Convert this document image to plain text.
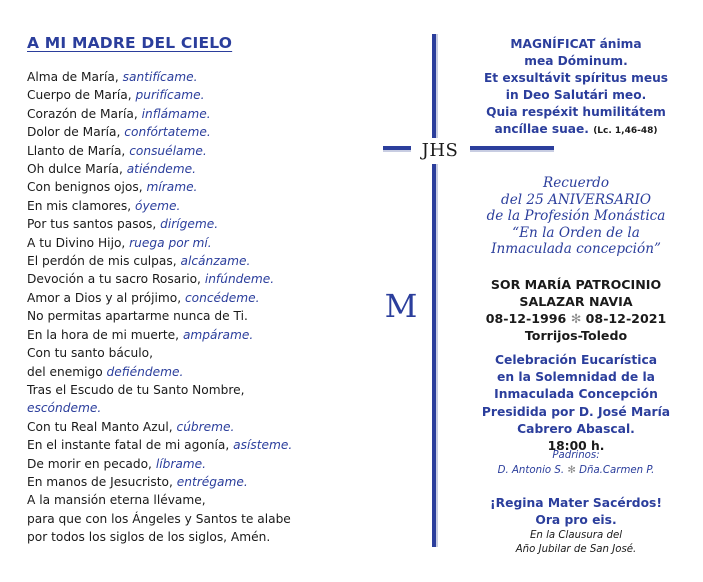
A MI MADRE DEL CIELO
Alma de María, santifícame.
Cuerpo de María, purifícame.
Corazón de María, inflámame.
Dolor de María, confórtateme.
Llanto de María, consuélame.
Oh dulce María, atiéndeme.
Con benignos ojos, mírame.
En mis clamores, óyeme.
Por tus santos pasos, dirígeme.
A tu Divino Hijo, ruega por mí.
El perdón de mis culpas, alcánzame.
Devoción a tu sacro Rosario, infúndeme.
Amor a Dios y al prójimo, concédeme.
No permitas apartarme nunca de Ti.
En la hora de mi muerte, ampárame.
Con tu santo báculo,
del enemigo defiéndeme.
Tras el Escudo de tu Santo Nombre,
escóndeme.
Con tu Real Manto Azul, cúbreme.
En el instante fatal de mi agonía, asísteme.
De morir en pecado, líbrame.
En manos de Jesucristo, entrégame.
A la mansión eterna llévame,
para que con los Ángeles y Santos te alabe
por todos los siglos de los siglos, Amén.
JHS
M
MAGNÍFICAT ánima
mea Dóminum.
Et exsultávit spíritus meus
in Deo Salutári meo.
Quia respéxit humilitátem
ancíllae suae. (Lc. 1,46-48)
Recuerdo
del 25 ANIVERSARIO
de la Profesión Monástica
“En la Orden de la
Inmaculada concepción”
SOR MARÍA PATROCINIO
SALAZAR NAVIA
08-12-1996 ✻ 08-12-2021
Torrijos-Toledo
Celebración Eucarística
en la Solemnidad de la
Inmaculada Concepción
Presidida por D. José María
Cabrero Abascal.
18:00 h.
Padrinos:
D. Antonio S. ✻ Dña.Carmen P.
¡Regina Mater Sacérdos!
Ora pro eis.
En la Clausura del
Año Jubilar de San José.
